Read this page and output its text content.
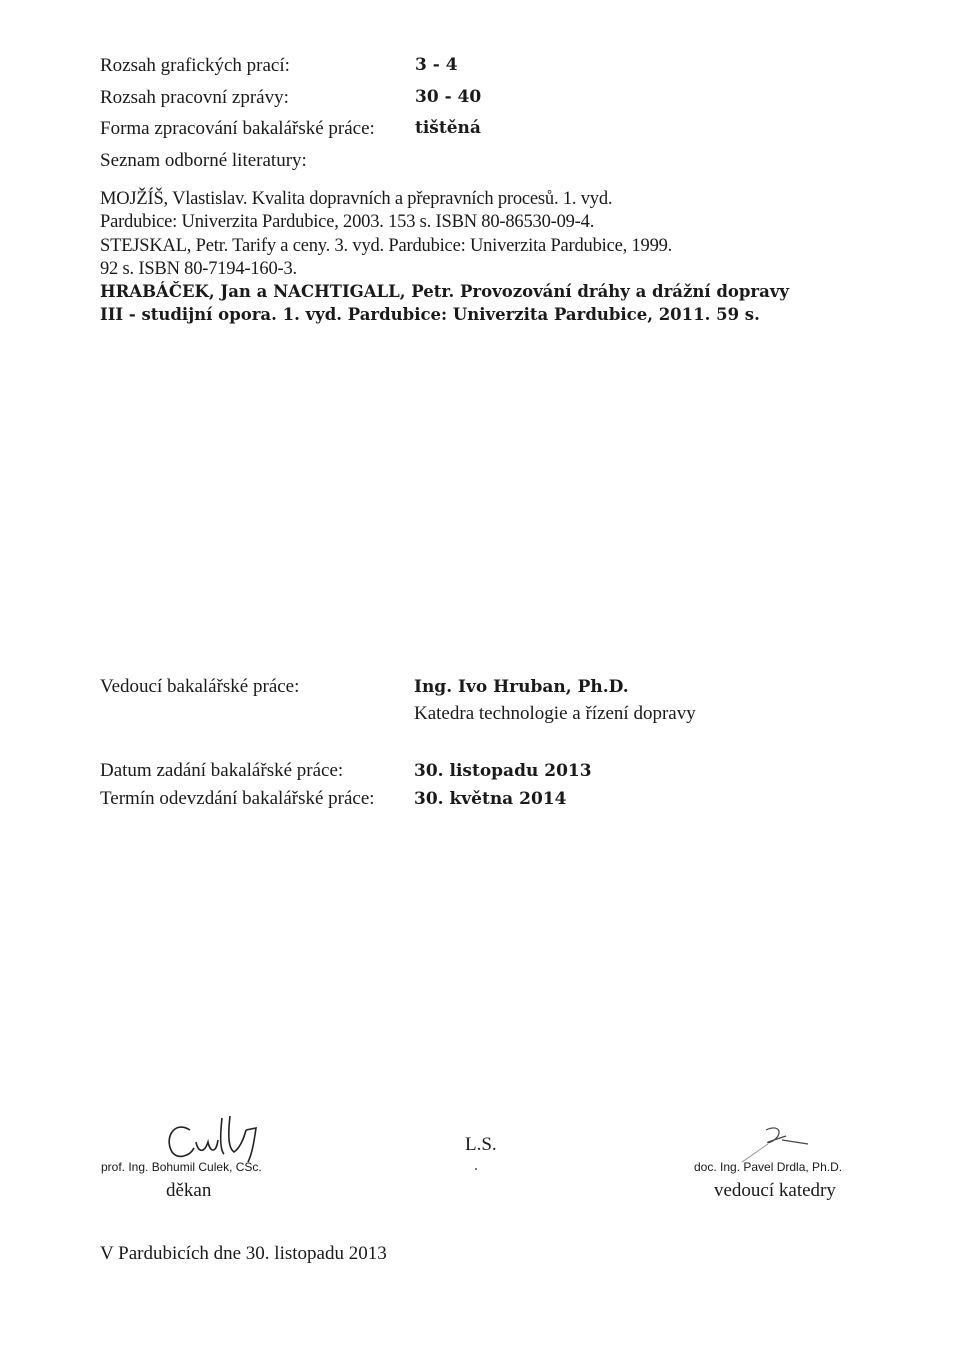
Rozsah grafických prací:	3 - 4
Rozsah pracovní zprávy:	30 - 40
Forma zpracování bakalářské práce: tištěná
Seznam odborné literatury:
MOJŽÍŠ, Vlastislav. Kvalita dopravních a přepravních procesů. 1. vyd.
Pardubice: Univerzita Pardubice, 2003. 153 s. ISBN 80-86530-09-4.
STEJSKAL, Petr. Tarify a ceny. 3. vyd. Pardubice: Univerzita Pardubice, 1999.
92 s. ISBN 80-7194-160-3.
HRABÁČEK, Jan a NACHTIGALL, Petr. Provozování dráhy a drážní dopravy
III - studijní opora. 1. vyd. Pardubice: Univerzita Pardubice, 2011. 59 s.
Vedoucí bakalářské práce:	Ing. Ivo Hruban, Ph.D.
Katedra technologie a řízení dopravy
Datum zadání bakalářské práce:	30. listopadu 2013
Termín odevzdání bakalářské práce: 30. května 2014
prof. Ing. Bohumil Culek, CSc.
děkan
L.S.
doc. Ing. Pavel Drdla, Ph.D.
vedoucí katedry
V Pardubicích dne 30. listopadu 2013
